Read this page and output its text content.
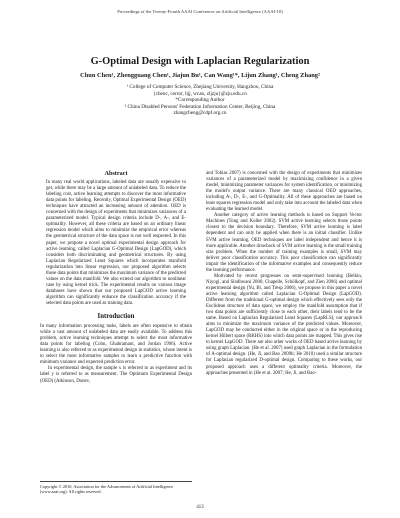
Proceedings of the Twenty-Fourth AAAI Conference on Artificial Intelligence (AAAI-10)
G-Optimal Design with Laplacian Regularization
Chun Chen¹, Zhengguang Chen¹, Jiajun Bu¹, Can Wang¹*, Lijun Zhang¹, Cheng Zhang²
¹ College of Computer Science, Zhejiang University, Hangzhou, China
{chenc, cerror, bjj, wcan, zljzju}@zju.edu.cn
*Corresponding Author
² China Disabled Persons' Federation Information Center, Beijing, China
zhangcheng@cdpf.org.cn

Abstract

In many real world applications, labeled data are usually expensive to get, while there may be a large amount of unlabeled data. To reduce the labeling cost, active learning attempts to discover the most informative data points for labeling. Recently, Optimal Experimental Design (OED) techniques have attracted an increasing amount of attention. OED is concerned with the design of experiments that minimizes variances of a parameterized model. Typical design criteria include D-, A-, and E-optimality. However, all these criteria are based on an ordinary linear regression model which aims to minimize the empirical error whereas the geometrical structure of the data space is not well respected. In this paper, we propose a novel optimal experimental design approach for active learning, called Laplacian G-Optimal Design (LapGOD), which considers both discriminating and geometrical structures. By using Laplacian Regularized Least Squares which incorporates manifold regularization into linear regression, our proposed algorithm selects those data points that minimizes the maximum variance of the predicted values on the data manifold. We also extend our algorithm to nonlinear case by using kernel trick. The experimental results on various image databases have shown that our proposed LapGOD active learning algorithm can significantly enhance the classification accuracy if the selected data points are used as training data.

Introduction

In many information processing tasks, labels are often expensive to obtain while a vast amount of unlabeled data are easily available. To address this problem, active learning techniques attempt to select the most informative data points for labeling (Cohn, Ghahramani, and Jordan 1996). Active learning is also referred to as experimental design in statistics, whose intent is to select the most informative samples to learn a predictive function with minimum variance and expected prediction error.

In experimental design, the sample x is referred to as experiment and its label y is referred to as measurement. The Optimum Experimental Design (OED) (Atkinson, Donev,

and Tobias 2007) is concerned with the design of experiments that minimizes variances of a parameterized model by maximizing confidence in a given model, minimizing parameter variances for system identification, or minimizing the model's output variance. There are many classical OED approaches, including A-, D-, E-, and G-Optimality. All of these approaches are based on least squares regression model and only take into account the labeled data when evaluating the learned model.

Another category of active learning methods is based on Support Vector Machines (Tong and Koller 2002). SVM active learning selects those points closest to the decision boundary. Therefore, SVM active learning is label dependent and can only be applied when there is an initial classifier. Unlike SVM active learning, OED techniques are label independent and hence it is more applicable. Another drawback of SVM active learning is the small training size problem. When the number of training examples is small, SVM may deliver poor classification accuracy. This poor classification can significantly impair the identification of the informative examples and consequently reduce the learning performance.

Motivated by recent progresses on semi-supervised learning (Belkin, Niyogi, and Sindhwani 2006; Chapelle, Schölkopf, and Zien 2006) and optimal experimental design (Yu, Bi, and Tresp 2006), we propose in this paper a novel active learning algorithm called Laplacian G-Optimal Design (LapGOD). Different from the traditional G-optimal design which effectively sees only the Euclidean structure of data space, we employ the manifold assumption that if two data points are sufficiently close to each other, their labels tend to be the same. Based on Laplacian Regularized Least Squares (LapRLS), our approach aims to minimize the maximum variance of the predicted values. Moreover, LapGOD may be conducted either in the original space or in the reproducing kernel Hilbert space (RKHS) into which data points are mapped. This gives rise to kernel LapGOD. There are also other works of OED based active learning by using graph Laplacian. (He et al. 2007) used graph Laplacian in the formulation of A-optimal design. (He, Ji, and Bao 2009b; He 2010) used a similar structure for Laplacian regularized D-optimal design. Comparing to these works, our proposed approach uses a different optimality criteria. Moreover, the approaches presented in (He et al. 2007; He, Ji, and Bao-

Copyright © 2010, Association for the Advancement of Artificial Intelligence (www.aaai.org). All rights reserved.
413
